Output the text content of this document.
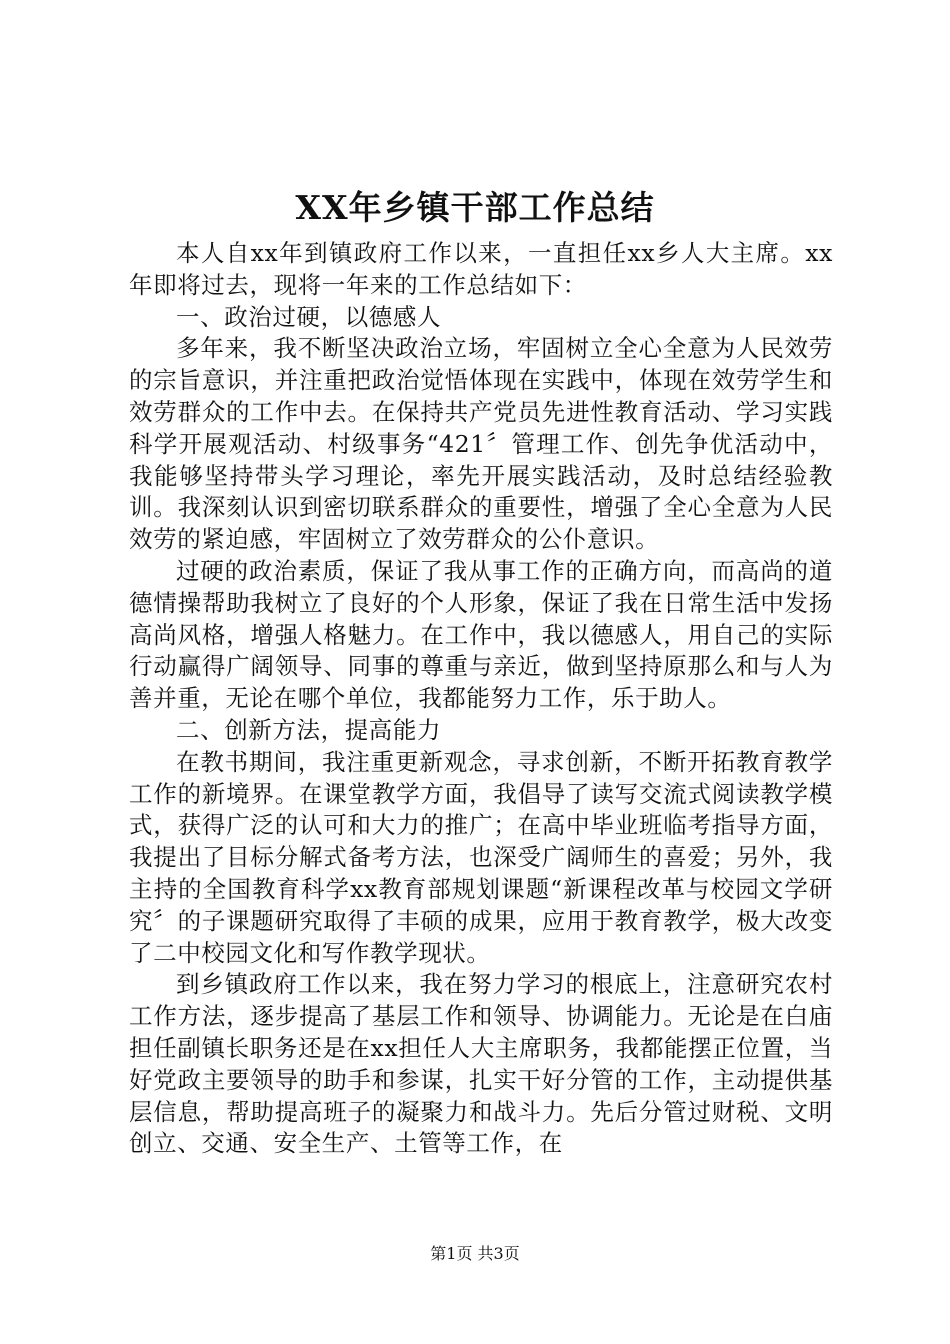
XX年乡镇干部工作总结

本人自xx年到镇政府工作以来，一直担任xx乡人大主席。xx年即将过去，现将一年来的工作总结如下：

一、政治过硬，以德感人

多年来，我不断坚决政治立场，牢固树立全心全意为人民效劳的宗旨意识，并注重把政治觉悟体现在实践中，体现在效劳学生和效劳群众的工作中去。在保持共产党员先进性教育活动、学习实践科学开展观活动、村级事务“421〞管理工作、创先争优活动中，我能够坚持带头学习理论，率先开展实践活动，及时总结经验教训。我深刻认识到密切联系群众的重要性，增强了全心全意为人民效劳的紧迫感，牢固树立了效劳群众的公仆意识。

过硬的政治素质，保证了我从事工作的正确方向，而高尚的道德情操帮助我树立了良好的个人形象，保证了我在日常生活中发扬高尚风格，增强人格魅力。在工作中，我以德感人，用自己的实际行动赢得广阔领导、同事的尊重与亲近，做到坚持原那么和与人为善并重，无论在哪个单位，我都能努力工作，乐于助人。

二、创新方法，提高能力

在教书期间，我注重更新观念，寻求创新，不断开拓教育教学工作的新境界。在课堂教学方面，我倡导了读写交流式阅读教学模式，获得广泛的认可和大力的推广；在高中毕业班临考指导方面，我提出了目标分解式备考方法，也深受广阔师生的喜爱；另外，我主持的全国教育科学xx教育部规划课题“新课程改革与校园文学研究〞的子课题研究取得了丰硕的成果，应用于教育教学，极大改变了二中校园文化和写作教学现状。

到乡镇政府工作以来，我在努力学习的根底上，注意研究农村工作方法，逐步提高了基层工作和领导、协调能力。无论是在白庙担任副镇长职务还是在xx担任人大主席职务，我都能摆正位置，当好党政主要领导的助手和参谋，扎实干好分管的工作，主动提供基层信息，帮助提高班子的凝聚力和战斗力。先后分管过财税、文明创立、交通、安全生产、土管等工作，在

第1页 共3页
